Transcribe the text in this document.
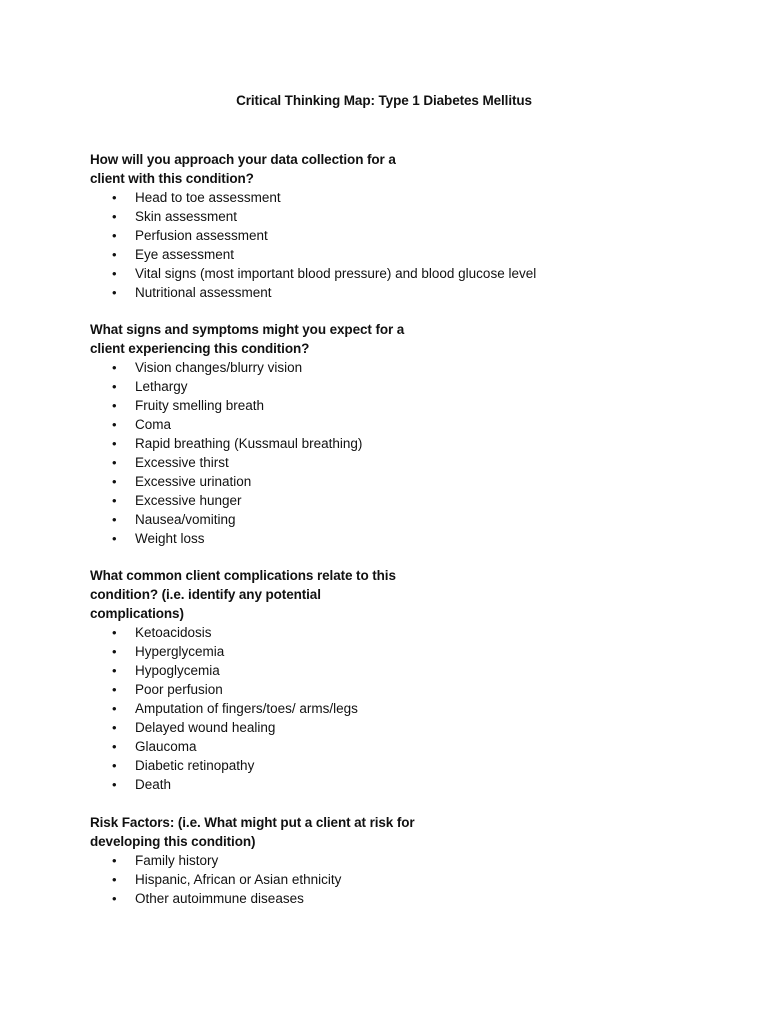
Critical Thinking Map: Type 1 Diabetes Mellitus
How will you approach your data collection for a
client with this condition?
• Head to toe assessment
• Skin assessment
• Perfusion assessment
• Eye assessment
• Vital signs (most important blood pressure) and blood glucose level
• Nutritional assessment
What signs and symptoms might you expect for a
client experiencing this condition?
• Vision changes/blurry vision
• Lethargy
• Fruity smelling breath
• Coma
• Rapid breathing (Kussmaul breathing)
• Excessive thirst
• Excessive urination
• Excessive hunger
• Nausea/vomiting
• Weight loss
What common client complications relate to this
condition? (i.e. identify any potential
complications)
• Ketoacidosis
• Hyperglycemia
• Hypoglycemia
• Poor perfusion
• Amputation of fingers/toes/ arms/legs
• Delayed wound healing
• Glaucoma
• Diabetic retinopathy
• Death
Risk Factors: (i.e. What might put a client at risk for
developing this condition)
• Family history
• Hispanic, African or Asian ethnicity
• Other autoimmune diseases
